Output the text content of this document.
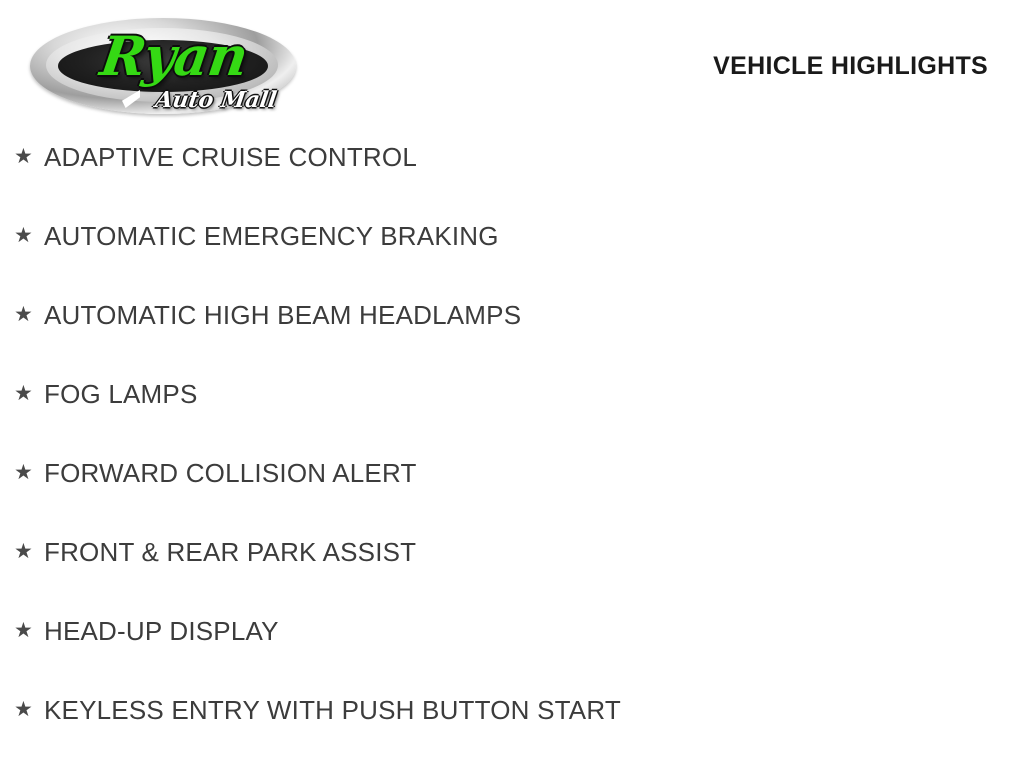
Ryan
Auto Mall
VEHICLE HIGHLIGHTS
★ ADAPTIVE CRUISE CONTROL
★ AUTOMATIC EMERGENCY BRAKING
★ AUTOMATIC HIGH BEAM HEADLAMPS
★ FOG LAMPS
★ FORWARD COLLISION ALERT
★ FRONT & REAR PARK ASSIST
★ HEAD-UP DISPLAY
★ KEYLESS ENTRY WITH PUSH BUTTON START
